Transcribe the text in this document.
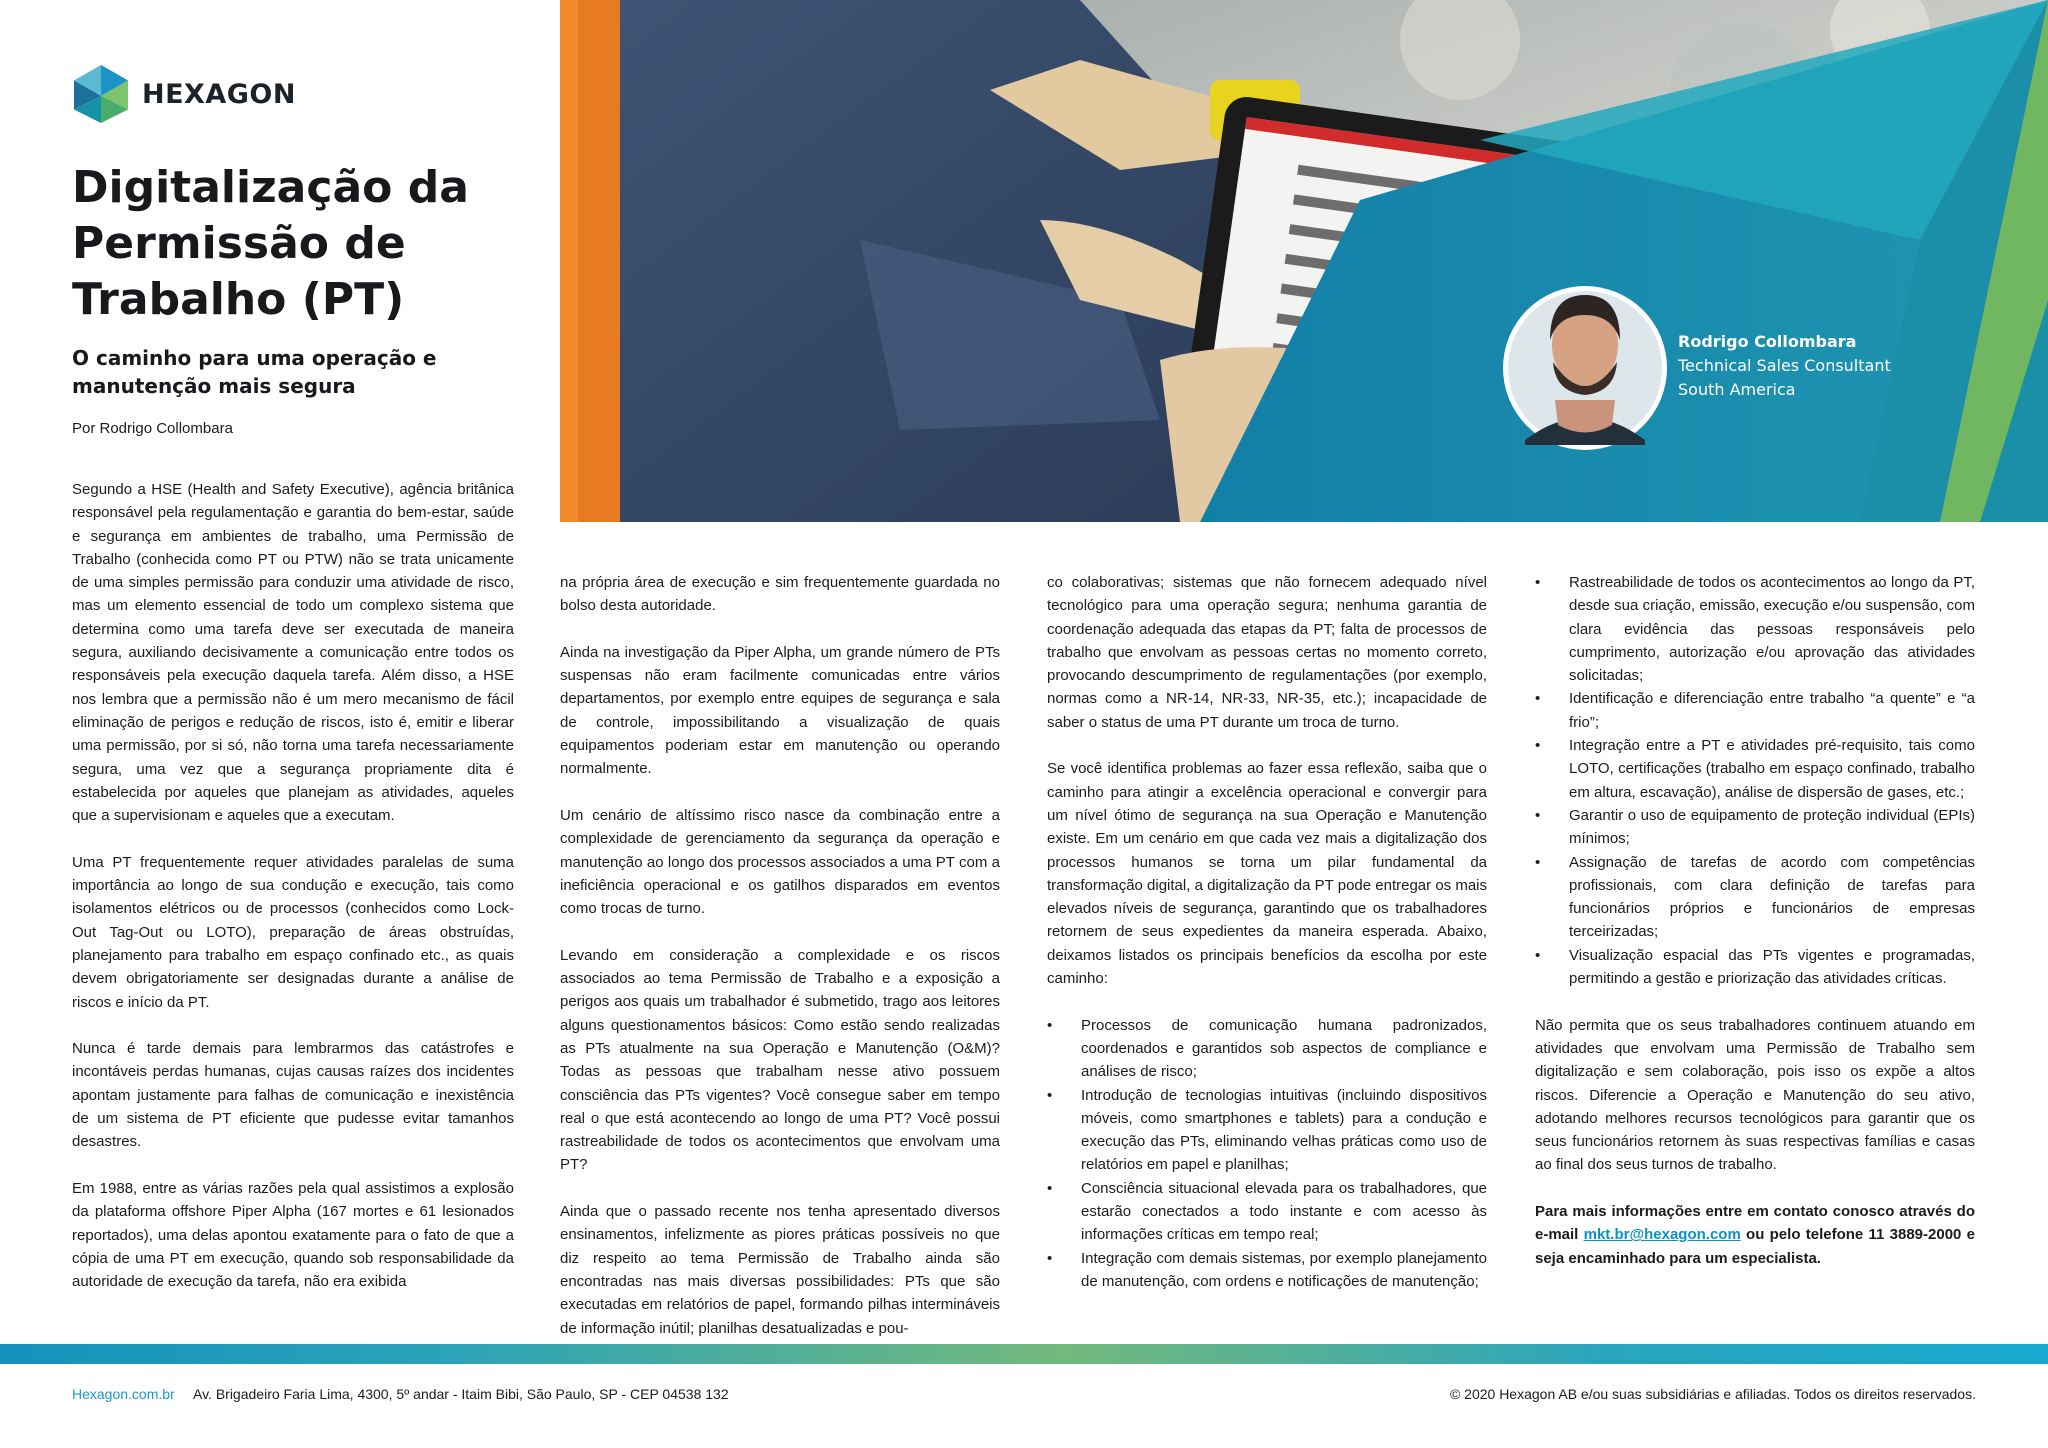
HEXAGON
Digitalização da Permissão de Trabalho (PT)
O caminho para uma operação e manutenção mais segura
Por Rodrigo Collombara
Rodrigo Collombara
Technical Sales Consultant
South America

Segundo a HSE (Health and Safety Executive), agência britânica responsável pela regulamentação e garantia do bem-estar, saúde e segurança em ambientes de trabalho, uma Permissão de Trabalho (conhecida como PT ou PTW) não se trata unicamente de uma simples permissão para conduzir uma atividade de risco, mas um elemento essencial de todo um complexo sistema que determina como uma tarefa deve ser executada de maneira segura, auxiliando decisivamente a comunicação entre todos os responsáveis pela execução daquela tarefa. Além disso, a HSE nos lembra que a permissão não é um mero mecanismo de fácil eliminação de perigos e redução de riscos, isto é, emitir e liberar uma permissão, por si só, não torna uma tarefa necessariamente segura, uma vez que a segurança propriamente dita é estabelecida por aqueles que planejam as atividades, aqueles que a supervisionam e aqueles que a executam.

Uma PT frequentemente requer atividades paralelas de suma importância ao longo de sua condução e execução, tais como isolamentos elétricos ou de processos (conhecidos como Lock-Out Tag-Out ou LOTO), preparação de áreas obstruídas, planejamento para trabalho em espaço confinado etc., as quais devem obrigatoriamente ser designadas durante a análise de riscos e início da PT.

Nunca é tarde demais para lembrarmos das catástrofes e incontáveis perdas humanas, cujas causas raízes dos incidentes apontam justamente para falhas de comunicação e inexistência de um sistema de PT eficiente que pudesse evitar tamanhos desastres.

Em 1988, entre as várias razões pela qual assistimos a explosão da plataforma offshore Piper Alpha (167 mortes e 61 lesionados reportados), uma delas apontou exatamente para o fato de que a cópia de uma PT em execução, quando sob responsabilidade da autoridade de execução da tarefa, não era exibida

na própria área de execução e sim frequentemente guardada no bolso desta autoridade.

Ainda na investigação da Piper Alpha, um grande número de PTs suspensas não eram facilmente comunicadas entre vários departamentos, por exemplo entre equipes de segurança e sala de controle, impossibilitando a visualização de quais equipamentos poderiam estar em manutenção ou operando normalmente.

Um cenário de altíssimo risco nasce da combinação entre a complexidade de gerenciamento da segurança da operação e manutenção ao longo dos processos associados a uma PT com a ineficiência operacional e os gatilhos disparados em eventos como trocas de turno.

Levando em consideração a complexidade e os riscos associados ao tema Permissão de Trabalho e a exposição a perigos aos quais um trabalhador é submetido, trago aos leitores alguns questionamentos básicos: Como estão sendo realizadas as PTs atualmente na sua Operação e Manutenção (O&M)? Todas as pessoas que trabalham nesse ativo possuem consciência das PTs vigentes? Você consegue saber em tempo real o que está acontecendo ao longo de uma PT? Você possui rastreabilidade de todos os acontecimentos que envolvam uma PT?

Ainda que o passado recente nos tenha apresentado diversos ensinamentos, infelizmente as piores práticas possíveis no que diz respeito ao tema Permissão de Trabalho ainda são encontradas nas mais diversas possibilidades: PTs que são executadas em relatórios de papel, formando pilhas intermináveis de informação inútil; planilhas desatualizadas e pou-

co colaborativas; sistemas que não fornecem adequado nível tecnológico para uma operação segura; nenhuma garantia de coordenação adequada das etapas da PT; falta de processos de trabalho que envolvam as pessoas certas no momento correto, provocando descumprimento de regulamentações (por exemplo, normas como a NR-14, NR-33, NR-35, etc.); incapacidade de saber o status de uma PT durante um troca de turno.

Se você identifica problemas ao fazer essa reflexão, saiba que o caminho para atingir a excelência operacional e convergir para um nível ótimo de segurança na sua Operação e Manutenção existe. Em um cenário em que cada vez mais a digitalização dos processos humanos se torna um pilar fundamental da transformação digital, a digitalização da PT pode entregar os mais elevados níveis de segurança, garantindo que os trabalhadores retornem de seus expedientes da maneira esperada. Abaixo, deixamos listados os principais benefícios da escolha por este caminho:

• Processos de comunicação humana padronizados, coordenados e garantidos sob aspectos de compliance e análises de risco;
• Introdução de tecnologias intuitivas (incluindo dispositivos móveis, como smartphones e tablets) para a condução e execução das PTs, eliminando velhas práticas como uso de relatórios em papel e planilhas;
• Consciência situacional elevada para os trabalhadores, que estarão conectados a todo instante e com acesso às informações críticas em tempo real;
• Integração com demais sistemas, por exemplo planejamento de manutenção, com ordens e notificações de manutenção;
• Rastreabilidade de todos os acontecimentos ao longo da PT, desde sua criação, emissão, execução e/ou suspensão, com clara evidência das pessoas responsáveis pelo cumprimento, autorização e/ou aprovação das atividades solicitadas;
• Identificação e diferenciação entre trabalho “a quente” e “a frio”;
• Integração entre a PT e atividades pré-requisito, tais como LOTO, certificações (trabalho em espaço confinado, trabalho em altura, escavação), análise de dispersão de gases, etc.;
• Garantir o uso de equipamento de proteção individual (EPIs) mínimos;
• Assignação de tarefas de acordo com competências profissionais, com clara definição de tarefas para funcionários próprios e funcionários de empresas terceirizadas;
• Visualização espacial das PTs vigentes e programadas, permitindo a gestão e priorização das atividades críticas.

Não permita que os seus trabalhadores continuem atuando em atividades que envolvam uma Permissão de Trabalho sem digitalização e sem colaboração, pois isso os expõe a altos riscos. Diferencie a Operação e Manutenção do seu ativo, adotando melhores recursos tecnológicos para garantir que os seus funcionários retornem às suas respectivas famílias e casas ao final dos seus turnos de trabalho.

Para mais informações entre em contato conosco através do e-mail mkt.br@hexagon.com ou pelo telefone 11 3889-2000 e seja encaminhado para um especialista.

Hexagon.com.br Av. Brigadeiro Faria Lima, 4300, 5º andar - Itaim Bibi, São Paulo, SP - CEP 04538 132	© 2020 Hexagon AB e/ou suas subsidiárias e afiliadas. Todos os direitos reservados.
